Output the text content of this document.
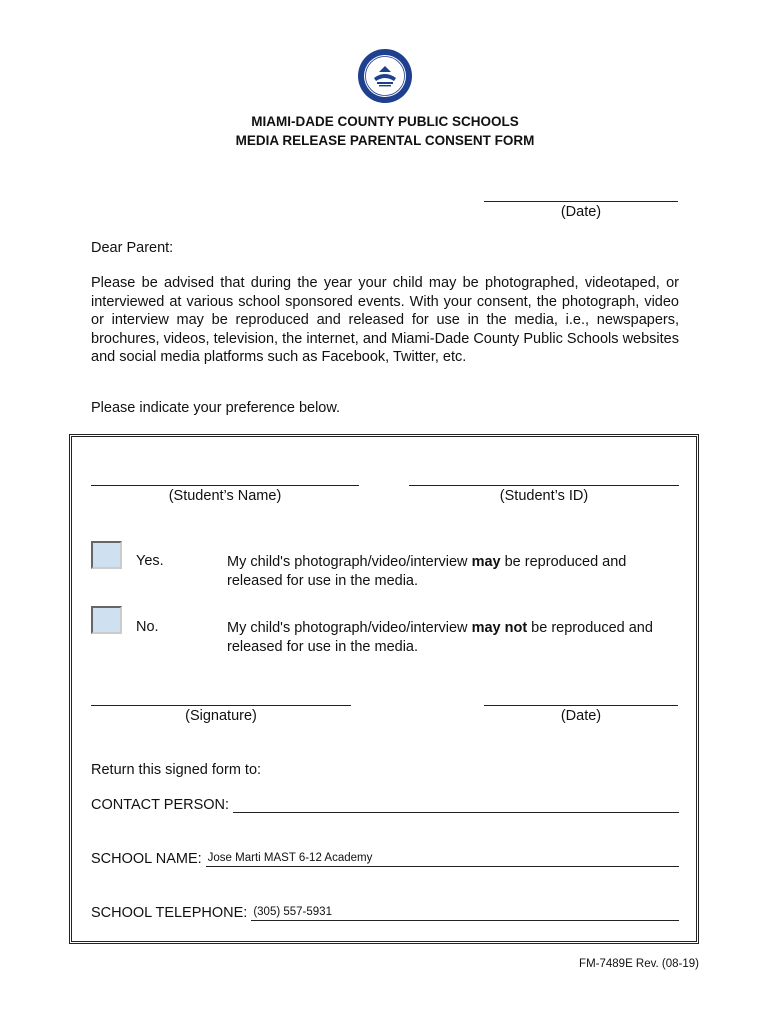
MIAMI-DADE COUNTY PUBLIC SCHOOLS
MEDIA RELEASE PARENTAL CONSENT FORM
(Date)
Dear Parent:
Please be advised that during the year your child may be photographed, videotaped, or interviewed at various school sponsored events. With your consent, the photograph, video or interview may be reproduced and released for use in the media, i.e., newspapers, brochures, videos, television, the internet, and Miami-Dade County Public Schools websites and social media platforms such as Facebook, Twitter, etc.
Please indicate your preference below.
(Student’s Name)	(Student’s ID)
Yes.	My child's photograph/video/interview may be reproduced and released for use in the media.
No.	My child's photograph/video/interview may not be reproduced and released for use in the media.
(Signature)	(Date)
Return this signed form to:
CONTACT PERSON:
SCHOOL NAME: Jose Marti MAST 6-12 Academy
SCHOOL TELEPHONE: (305) 557-5931
FM-7489E Rev. (08-19)
